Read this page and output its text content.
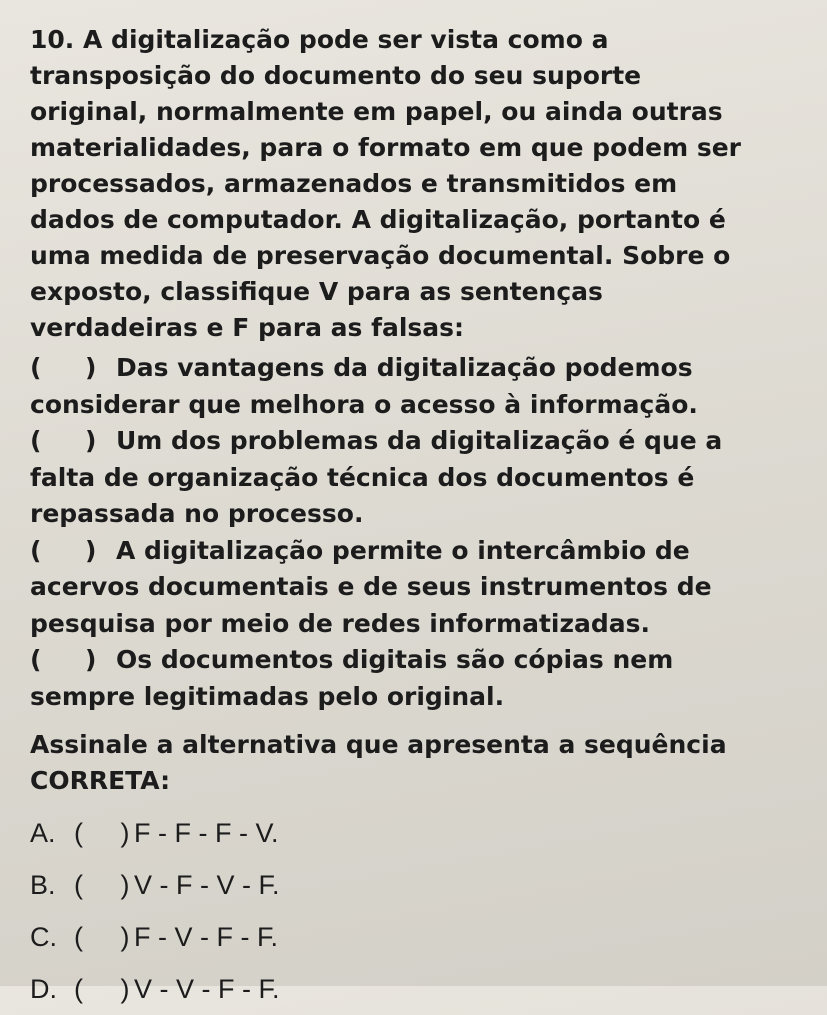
10. A digitalização pode ser vista como a
transposição do documento do seu suporte
original, normalmente em papel, ou ainda outras
materialidades, para o formato em que podem ser
processados, armazenados e transmitidos em
dados de computador. A digitalização, portanto é
uma medida de preservação documental. Sobre o
exposto, classifique V para as sentenças
verdadeiras e F para as falsas:
(     ) Das vantagens da digitalização podemos
considerar que melhora o acesso à informação.
(     ) Um dos problemas da digitalização é que a
falta de organização técnica dos documentos é
repassada no processo.
(     ) A digitalização permite o intercâmbio de
acervos documentais e de seus instrumentos de
pesquisa por meio de redes informatizadas.
(     ) Os documentos digitais são cópias nem
sempre legitimadas pelo original.
Assinale a alternativa que apresenta a sequência
CORRETA:
A. (     ) F - F - F - V.
B. (     ) V - F - V - F.
C. (     ) F - V - F - F.
D. (     ) V - V - F - F.
